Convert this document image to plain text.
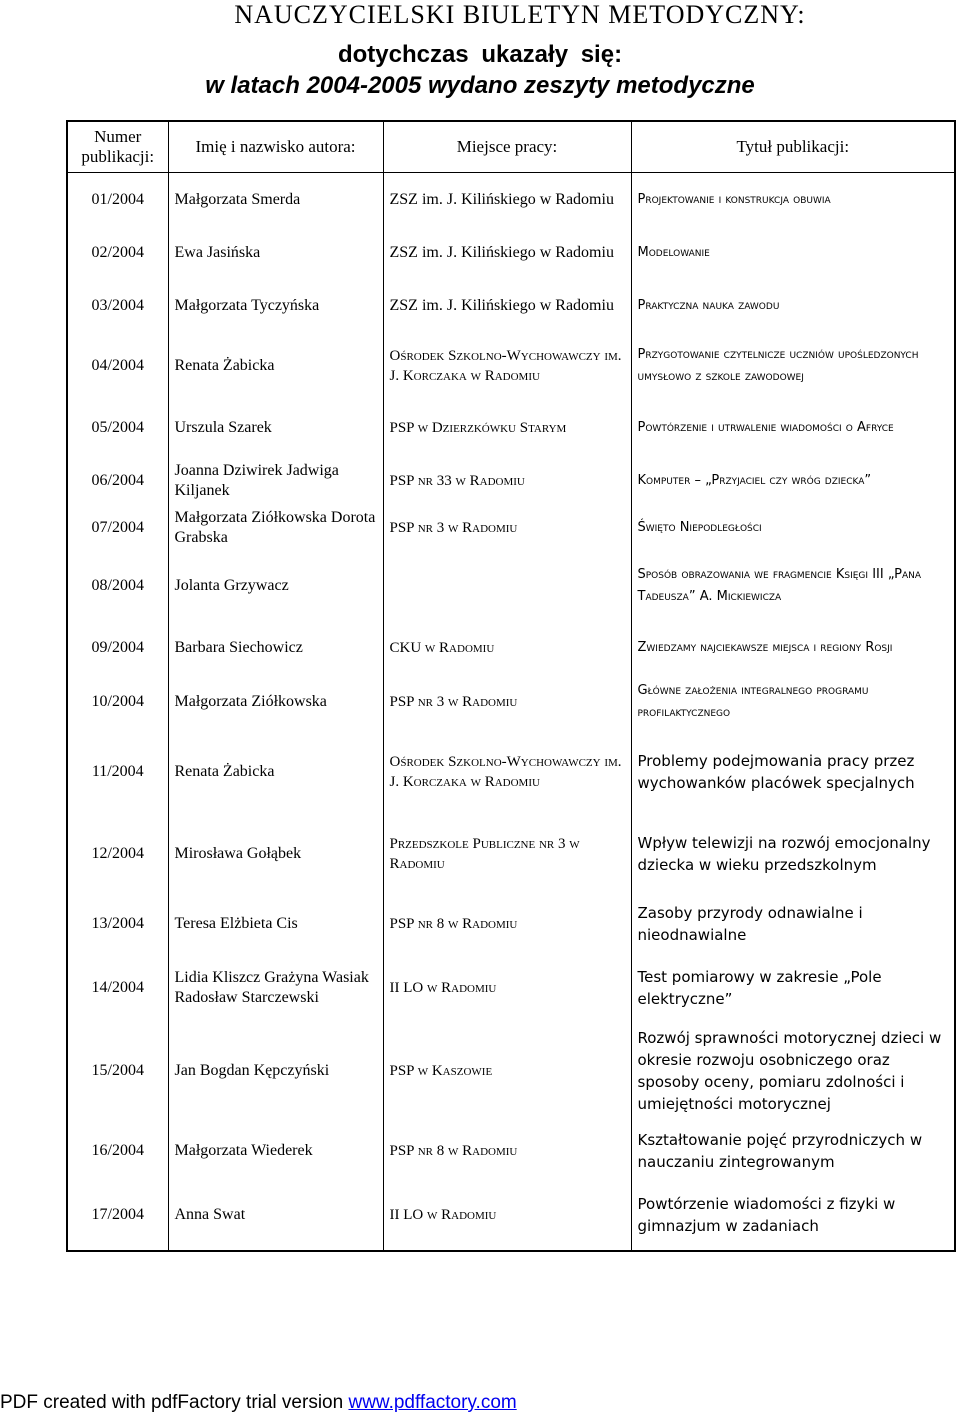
NAUCZYCIELSKI BIULETYN METODYCZNY:
dotychczas ukazały się:
w latach 2004-2005 wydano zeszyty metodyczne
Numer publikacji:	Imię i nazwisko autora:	Miejsce pracy:	Tytuł publikacji:
01/2004	Małgorzata Smerda	ZSZ im. J. Kilińskiego w Radomiu	Projektowanie i konstrukcja obuwia
02/2004	Ewa Jasińska	ZSZ im. J. Kilińskiego w Radomiu	Modelowanie
03/2004	Małgorzata Tyczyńska	ZSZ im. J. Kilińskiego w Radomiu	Praktyczna nauka zawodu
04/2004	Renata Żabicka	Ośrodek Szkolno-Wychowawczy im. J. Korczaka w Radomiu	Przygotowanie czytelnicze uczniów upośledzonych umysłowo z szkole zawodowej
05/2004	Urszula Szarek	PSP w Dzierzkówku Starym	Powtórzenie i utrwalenie wiadomości o Afryce
06/2004	Joanna Dziwirek Jadwiga Kiljanek	PSP nr 33 w Radomiu	Komputer – „Przyjaciel czy wróg dziecka”
07/2004	Małgorzata Ziółkowska Dorota Grabska	PSP nr 3 w Radomiu	Święto Niepodległości
08/2004	Jolanta Grzywacz		Sposób obrazowania we fragmencie Księgi III „Pana Tadeusza” A. Mickiewicza
09/2004	Barbara Siechowicz	CKU w Radomiu	Zwiedzamy najciekawsze miejsca i regiony Rosji
10/2004	Małgorzata Ziółkowska	PSP nr 3 w Radomiu	Główne założenia integralnego programu profilaktycznego
11/2004	Renata Żabicka	Ośrodek Szkolno-Wychowawczy im. J. Korczaka w Radomiu	Problemy podejmowania pracy przez wychowanków placówek specjalnych
12/2004	Mirosława Gołąbek	Przedszkole Publiczne nr 3 w Radomiu	Wpływ telewizji na rozwój emocjonalny dziecka w wieku przedszkolnym
13/2004	Teresa Elżbieta Cis	PSP nr 8 w Radomiu	Zasoby przyrody odnawialne i nieodnawialne
14/2004	Lidia Kliszcz Grażyna Wasiak Radosław Starczewski	II LO w Radomiu	Test pomiarowy w zakresie „Pole elektryczne”
15/2004	Jan Bogdan Kępczyński	PSP w Kaszowie	Rozwój sprawności motorycznej dzieci w okresie rozwoju osobniczego oraz sposoby oceny, pomiaru zdolności i umiejętności motorycznej
16/2004	Małgorzata Wiederek	PSP nr 8 w Radomiu	Kształtowanie pojęć przyrodniczych w nauczaniu zintegrowanym
17/2004	Anna Swat	II LO w Radomiu	Powtórzenie wiadomości z fizyki w gimnazjum w zadaniach
PDF created with pdfFactory trial version www.pdffactory.com
